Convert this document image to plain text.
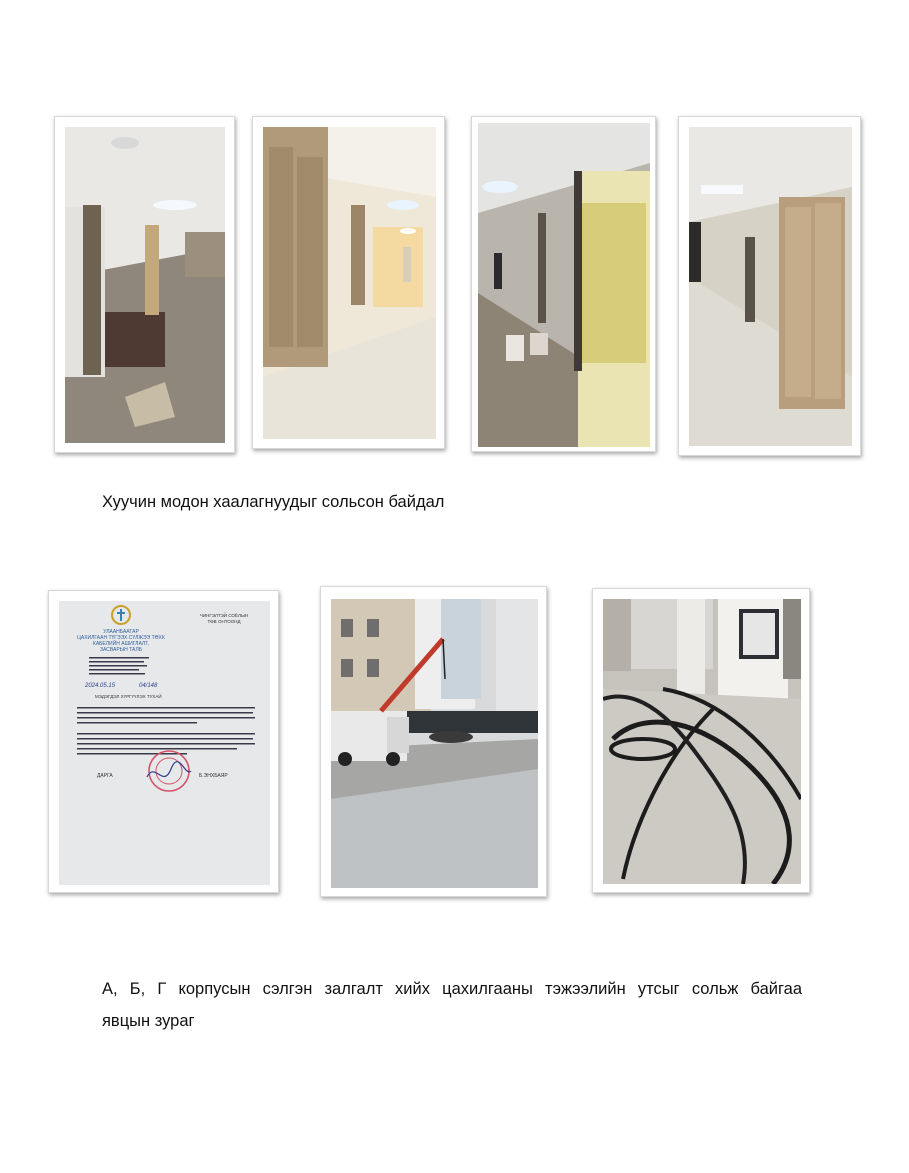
Хуучин модон хаалагнуудыг сольсон байдал

УЛААНБААТАР
ЦАХИЛГААН ТҮГЭЭХ СҮЛЖЭЭ ТӨХК
КАБЕЛИЙН АШИГЛАЛТ,
ЗАСВАРЫН ТАЛБ
ЧИНГЭЛТЭЙ СОЁЛЫН
ТӨВ ОНТООНД
2024.05.15	04/148
МЭДЭГДЭЛ ХҮРГҮҮЛЭХ ТУХАЙ
ДАРГА	Б.ЭНХБАЯР

А, Б, Г корпусын сэлгэн залгалт хийх цахилгааны тэжээлийн утсыг сольж байгаа
явцын зураг
